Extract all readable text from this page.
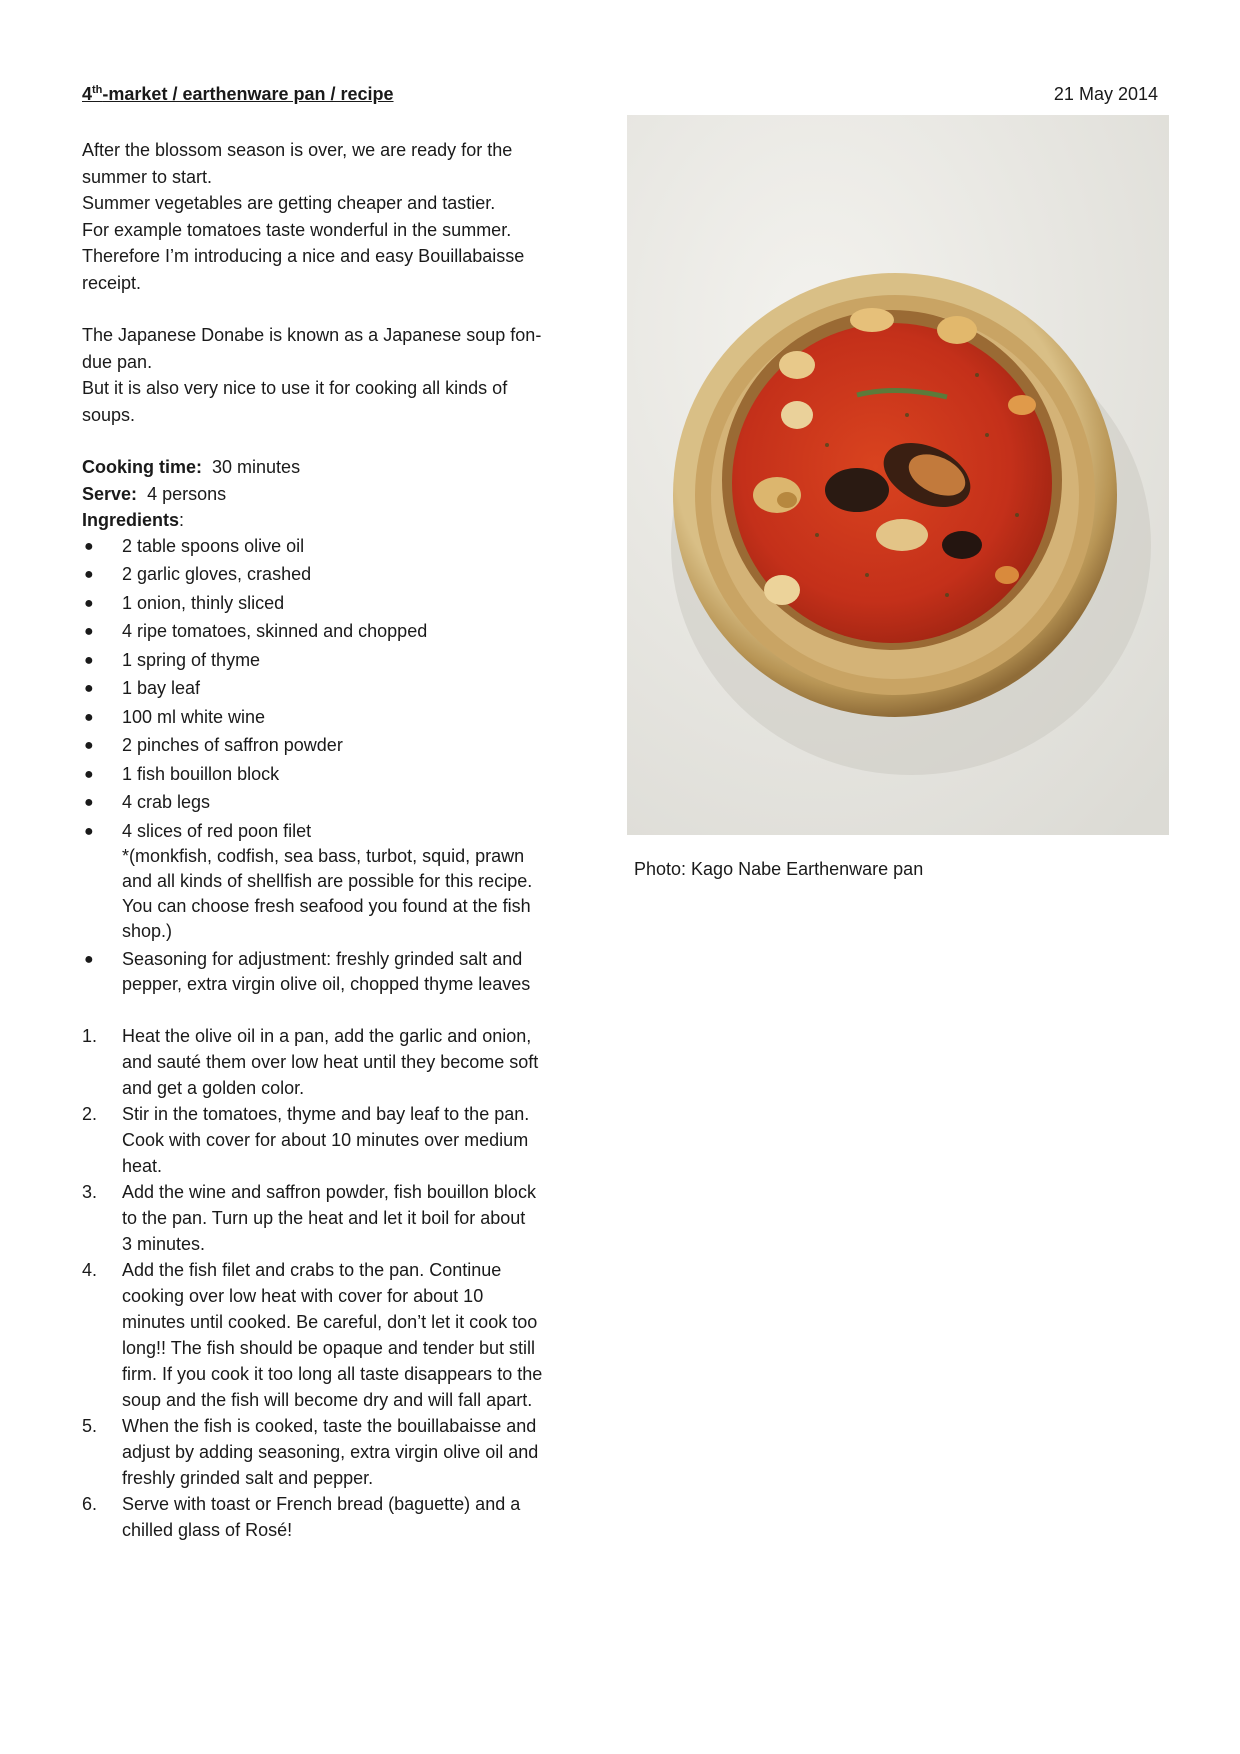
4th-market / earthenware pan / recipe	21 May 2014

After the blossom season is over, we are ready for the
summer to start.
Summer vegetables are getting cheaper and tastier.
For example tomatoes taste wonderful in the summer.
Therefore I’m introducing a nice and easy Bouillabaisse
receipt.

The Japanese Donabe is known as a Japanese soup fon-
due pan.
But it is also very nice to use it for cooking all kinds of
soups.

Cooking time: 30 minutes
Serve: 4 persons
Ingredients:
● 2 table spoons olive oil
● 2 garlic gloves, crashed
● 1 onion, thinly sliced
● 4 ripe tomatoes, skinned and chopped
● 1 spring of thyme
● 1 bay leaf
● 100 ml white wine
● 2 pinches of saffron powder
● 1 fish bouillon block
● 4 crab legs
● 4 slices of red poon filet
*(monkfish, codfish, sea bass, turbot, squid, prawn
and all kinds of shellfish are possible for this recipe.
You can choose fresh seafood you found at the fish
shop.)
● Seasoning for adjustment: freshly grinded salt and
pepper, extra virgin olive oil, chopped thyme leaves
1. Heat the olive oil in a pan, add the garlic and onion,
and sauté them over low heat until they become soft
and get a golden color.
2. Stir in the tomatoes, thyme and bay leaf to the pan.
Cook with cover for about 10 minutes over medium
heat.
3. Add the wine and saffron powder, fish bouillon block
to the pan. Turn up the heat and let it boil for about
3 minutes.
4. Add the fish filet and crabs to the pan. Continue
cooking over low heat with cover for about 10
minutes until cooked. Be careful, don’t let it cook too
long!! The fish should be opaque and tender but still
firm. If you cook it too long all taste disappears to the
soup and the fish will become dry and will fall apart.
5. When the fish is cooked, taste the bouillabaisse and
adjust by adding seasoning, extra virgin olive oil and
freshly grinded salt and pepper.
6. Serve with toast or French bread (baguette) and a
chilled glass of Rosé!
Photo: Kago Nabe Earthenware pan
